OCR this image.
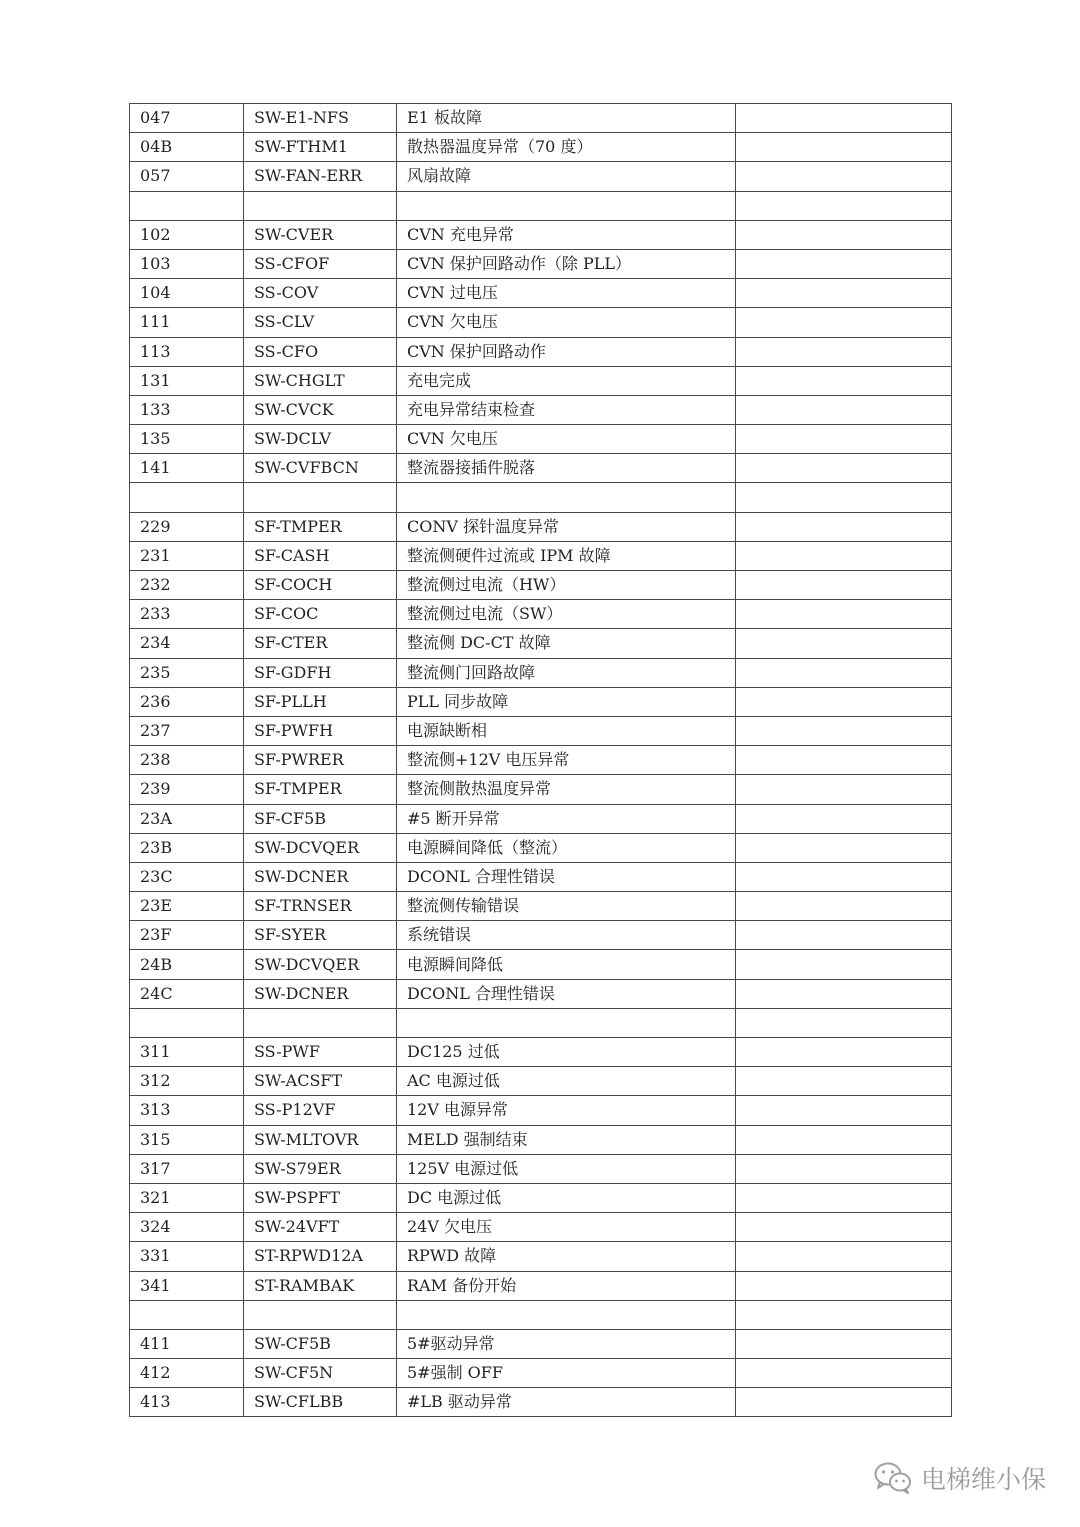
047	SW-E1-NFS	E1 板故障	
04B	SW-FTHM1	散热器温度异常（70 度）	
057	SW-FAN-ERR	风扇故障	

102	SW-CVER	CVN 充电异常	
103	SS-CFOF	CVN 保护回路动作（除 PLL）	
104	SS-COV	CVN 过电压	
111	SS-CLV	CVN 欠电压	
113	SS-CFO	CVN 保护回路动作	
131	SW-CHGLT	充电完成	
133	SW-CVCK	充电异常结束检查	
135	SW-DCLV	CVN 欠电压	
141	SW-CVFBCN	整流器接插件脱落	

229	SF-TMPER	CONV 探针温度异常	
231	SF-CASH	整流侧硬件过流或 IPM 故障	
232	SF-COCH	整流侧过电流（HW）	
233	SF-COC	整流侧过电流（SW）	
234	SF-CTER	整流侧 DC-CT 故障	
235	SF-GDFH	整流侧门回路故障	
236	SF-PLLH	PLL 同步故障	
237	SF-PWFH	电源缺断相	
238	SF-PWRER	整流侧+12V 电压异常	
239	SF-TMPER	整流侧散热温度异常	
23A	SF-CF5B	#5 断开异常	
23B	SW-DCVQER	电源瞬间降低（整流）	
23C	SW-DCNER	DCONL 合理性错误	
23E	SF-TRNSER	整流侧传输错误	
23F	SF-SYER	系统错误	
24B	SW-DCVQER	电源瞬间降低	
24C	SW-DCNER	DCONL 合理性错误	

311	SS-PWF	DC125 过低	
312	SW-ACSFT	AC 电源过低	
313	SS-P12VF	12V 电源异常	
315	SW-MLTOVR	MELD 强制结束	
317	SW-S79ER	125V 电源过低	
321	SW-PSPFT	DC 电源过低	
324	SW-24VFT	24V 欠电压	
331	ST-RPWD12A	RPWD 故障	
341	ST-RAMBAK	RAM 备份开始	

411	SW-CF5B	5#驱动异常	
412	SW-CF5N	5#强制 OFF	
413	SW-CFLBB	#LB 驱动异常	
电梯维小保
